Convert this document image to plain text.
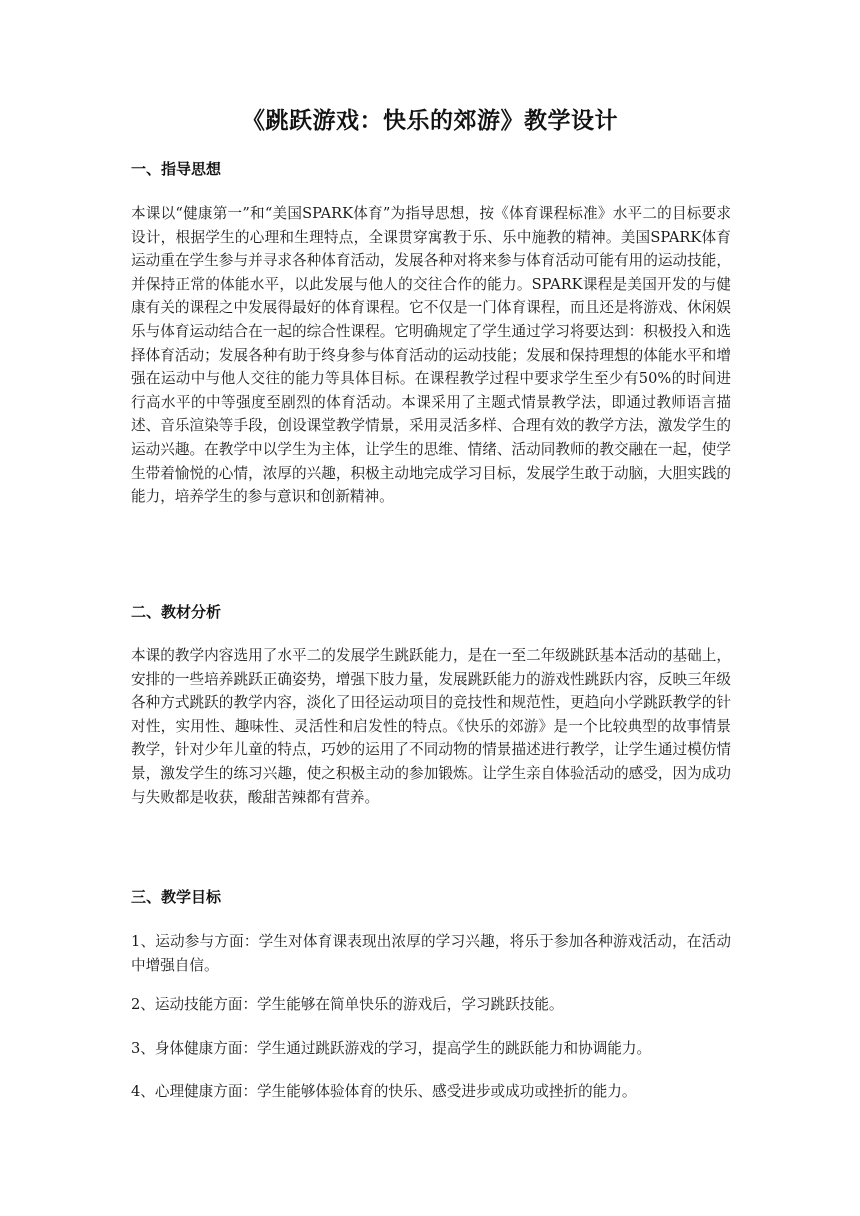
《跳跃游戏：快乐的郊游》教学设计
一、指导思想

本课以“健康第一”和“美国SPARK体育”为指导思想，按《体育课程标准》水平二的目标要求设计，根据学生的心理和生理特点，全课贯穿寓教于乐、乐中施教的精神。美国SPARK体育运动重在学生参与并寻求各种体育活动，发展各种对将来参与体育活动可能有用的运动技能，并保持正常的体能水平，以此发展与他人的交往合作的能力。SPARK课程是美国开发的与健康有关的课程之中发展得最好的体育课程。它不仅是一门体育课程，而且还是将游戏、休闲娱乐与体育运动结合在一起的综合性课程。它明确规定了学生通过学习将要达到：积极投入和选择体育活动；发展各种有助于终身参与体育活动的运动技能；发展和保持理想的体能水平和增强在运动中与他人交往的能力等具体目标。在课程教学过程中要求学生至少有50%的时间进行高水平的中等强度至剧烈的体育活动。本课采用了主题式情景教学法，即通过教师语言描述、音乐渲染等手段，创设课堂教学情景，采用灵活多样、合理有效的教学方法，激发学生的运动兴趣。在教学中以学生为主体，让学生的思维、情绪、活动同教师的教交融在一起，使学生带着愉悦的心情，浓厚的兴趣，积极主动地完成学习目标，发展学生敢于动脑，大胆实践的能力，培养学生的参与意识和创新精神。

二、教材分析

本课的教学内容选用了水平二的发展学生跳跃能力，是在一至二年级跳跃基本活动的基础上，安排的一些培养跳跃正确姿势，增强下肢力量，发展跳跃能力的游戏性跳跃内容，反映三年级各种方式跳跃的教学内容，淡化了田径运动项目的竞技性和规范性，更趋向小学跳跃教学的针对性，实用性、趣味性、灵活性和启发性的特点。《快乐的郊游》是一个比较典型的故事情景教学，针对少年儿童的特点，巧妙的运用了不同动物的情景描述进行教学，让学生通过模仿情景，激发学生的练习兴趣，使之积极主动的参加锻炼。让学生亲自体验活动的感受，因为成功与失败都是收获，酸甜苦辣都有营养。

三、教学目标

1、运动参与方面：学生对体育课表现出浓厚的学习兴趣，将乐于参加各种游戏活动，在活动中增强自信。

2、运动技能方面：学生能够在简单快乐的游戏后，学习跳跃技能。

3、身体健康方面：学生通过跳跃游戏的学习，提高学生的跳跃能力和协调能力。

4、心理健康方面：学生能够体验体育的快乐、感受进步或成功或挫折的能力。
